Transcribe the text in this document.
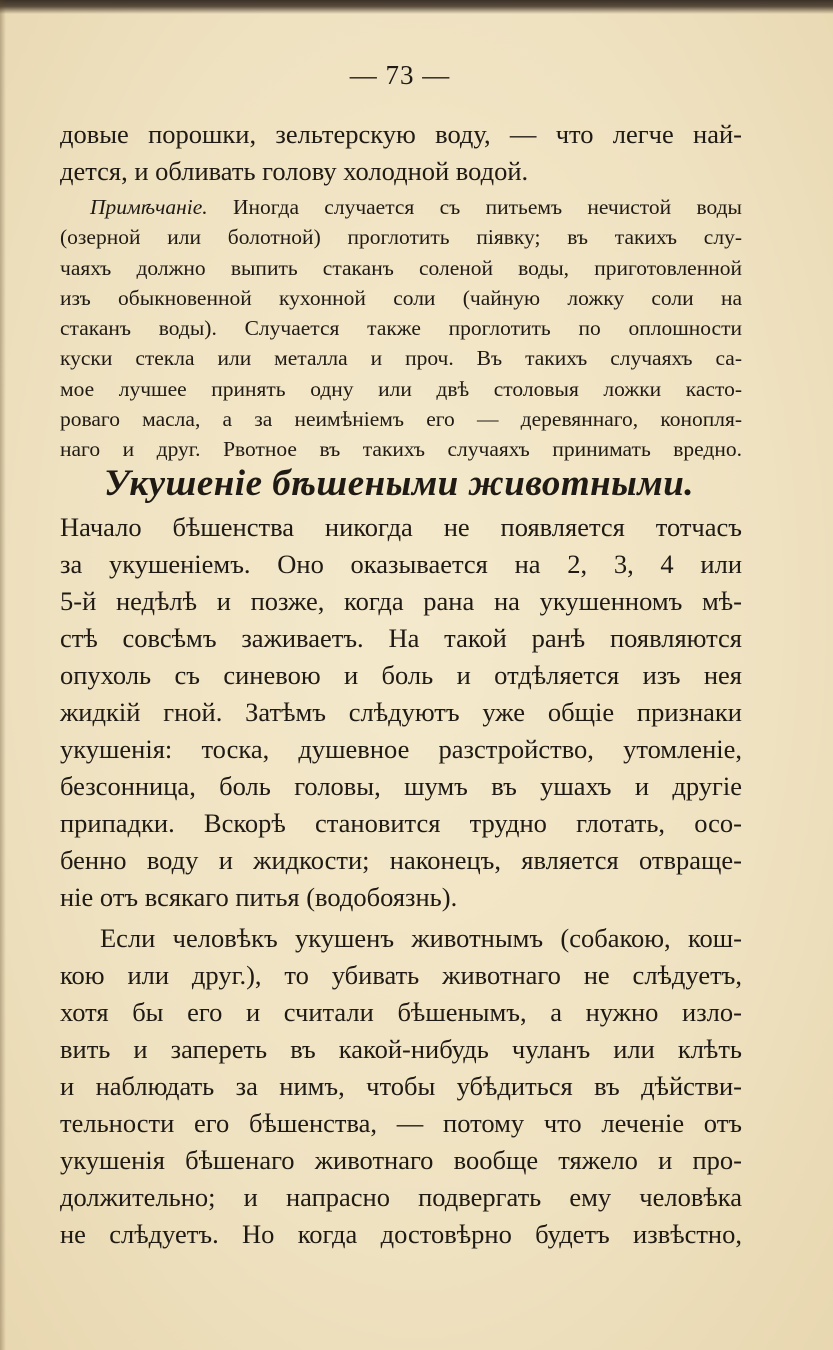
— 73 —
довые порошки, зельтерскую воду, — что легче най-
дется, и обливать голову холодной водой.
Примѣчаніе. Иногда случается съ питьемъ нечистой воды
(озерной или болотной) проглотить піявку; въ такихъ слу-
чаяхъ должно выпить стаканъ соленой воды, приготовленной
изъ обыкновенной кухонной соли (чайную ложку соли на
стаканъ воды). Случается также проглотить по оплошности
куски стекла или металла и проч. Въ такихъ случаяхъ са-
мое лучшее принять одну или двѣ столовыя ложки касто-
роваго масла, а за неимѣніемъ его — деревяннаго, конопля-
наго и друг. Рвотное въ такихъ случаяхъ принимать вредно.
Укушеніе бѣшеными животными.
Начало бѣшенства никогда не появляется тотчасъ
за укушеніемъ. Оно оказывается на 2, 3, 4 или
5-й недѣлѣ и позже, когда рана на укушенномъ мѣ-
стѣ совсѣмъ заживаетъ. На такой ранѣ появляются
опухоль съ синевою и боль и отдѣляется изъ нея
жидкій гной. Затѣмъ слѣдуютъ уже общіе признаки
укушенія: тоска, душевное разстройство, утомленіе,
безсонница, боль головы, шумъ въ ушахъ и другіе
припадки. Вскорѣ становится трудно глотать, осо-
бенно воду и жидкости; наконецъ, является отвраще-
ніе отъ всякаго питья (водобоязнь).
Если человѣкъ укушенъ животнымъ (собакою, кош-
кою или друг.), то убивать животнаго не слѣдуетъ,
хотя бы его и считали бѣшенымъ, а нужно изло-
вить и запереть въ какой-нибудь чуланъ или клѣть
и наблюдать за нимъ, чтобы убѣдиться въ дѣйстви-
тельности его бѣшенства, — потому что леченіе отъ
укушенія бѣшенаго животнаго вообще тяжело и про-
должительно; и напрасно подвергать ему человѣка
не слѣдуетъ. Но когда достовѣрно будетъ извѣстно,
